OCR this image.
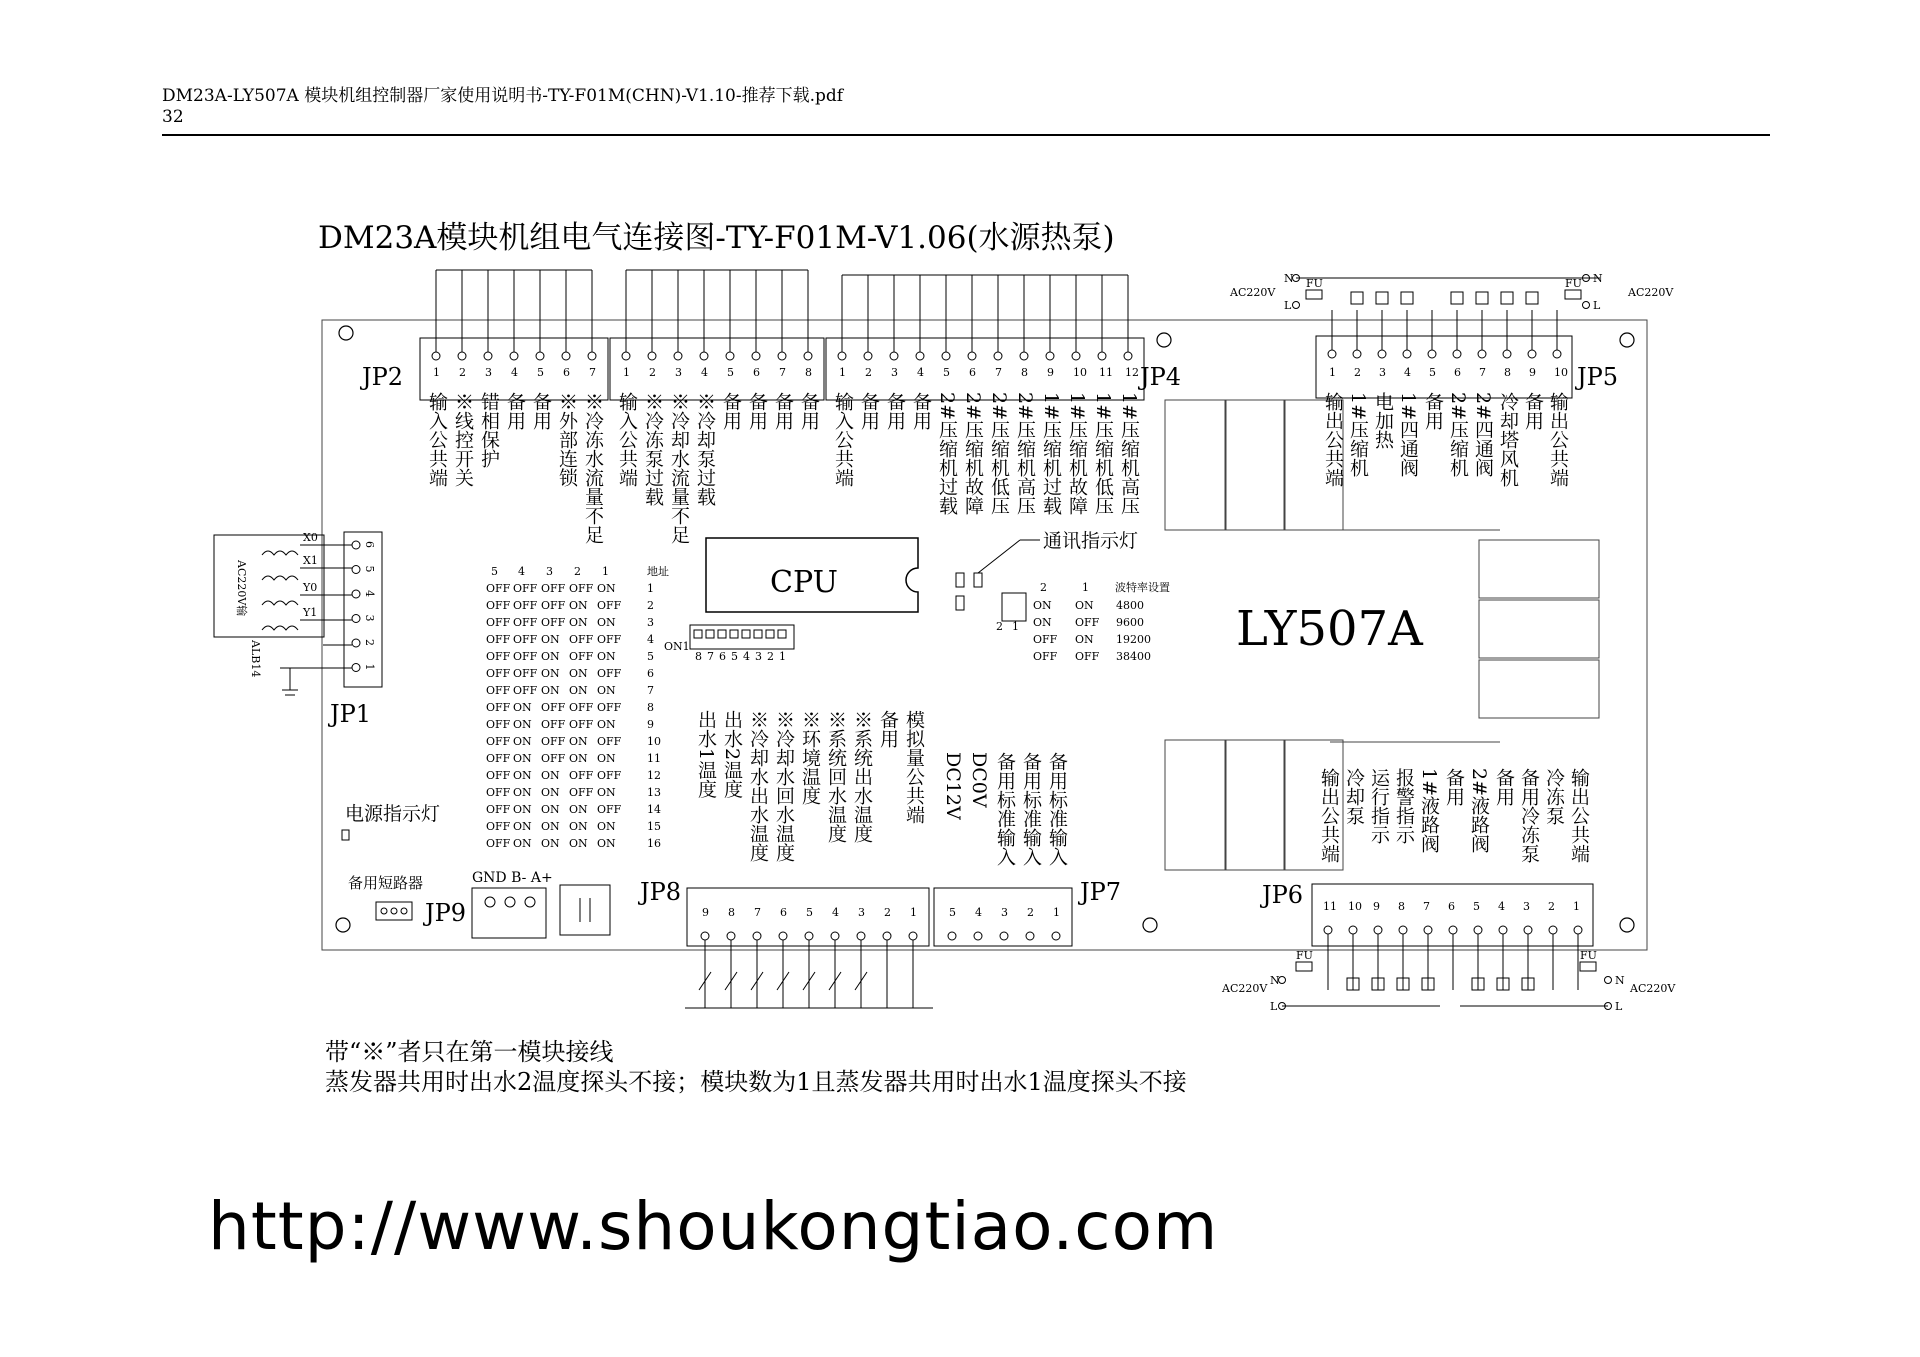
DM23A-LY507A 模块机组控制器厂家使用说明书-TY-F01M(CHN)-V1.10-推荐下载.pdf
32
DM23A模块机组电气连接图-TY-F01M-V1.06(水源热泵)
LY507A
CPU
通讯指示灯
电源指示灯
备用短路器
JP9
GND B- A+
X0
X1
Y0
Y1
AC220V输
ALB14
JP1
6
5
4
3
2
1
1
输入公共端
2
※线控开关
3
错相保护
4
备用
5
备用
6
※外部连锁
7
※冷冻水流量不足
1
输入公共端
2
※冷冻泵过载
3
※冷却水流量不足
4
※冷却泵过载
5
备用
6
备用
7
备用
8
备用
1
输入公共端
2
备用
3
备用
4
备用
5
2#压缩机过载
6
2#压缩机故障
7
2#压缩机低压
8
2#压缩机高压
9
1#压缩机过载
10
1#压缩机故障
11
1#压缩机低压
12
1#压缩机高压
1
输出公共端
2
1#压缩机
3
电加热
4
1#四通阀
5
备用
6
2#压缩机
7
2#四通阀
8
冷却塔风机
9
备用
10
输出公共端
11
输出公共端
10
冷却泵
9
运行指示
8
报警指示
7
1#液路阀
6
备用
5
2#液路阀
4
备用
3
备用冷冻泵
2
冷冻泵
1
输出公共端
5
DC12V
4
DC0V
3
备用标准输入
2
备用标准输入
1
备用标准输入
9
出水1温度
8
出水2温度
7
※冷却水出水温度
6
※冷却水回水温度
5
※环境温度
4
※系统回水温度
3
※系统出水温度
2
备用
1
模拟量公共端
5 4 3 2 1	地址
OFF OFF OFF OFF ON	1
OFF OFF OFF ON OFF 2
OFF OFF OFF ON ON	3
OFF OFF ON OFF OFF 4
OFF OFF ON OFF ON	5
OFF OFF ON ON OFF 6
OFF OFF ON ON ON	7
OFF ON OFF OFF OFF 8
OFF ON OFF OFF ON	9
OFF ON OFF ON OFF 10
OFF ON OFF ON ON	11
OFF ON ON OFF OFF 12
OFF ON ON OFF ON	13
OFF ON ON ON OFF 14
OFF ON ON ON ON	15
OFF ON ON ON ON	16
8 7 6 5 4 3 2 1
ON1
2	1 波特率设置
ON ON 4800
ON OFF 9600
OFF ON 19200
OFF OFF 38400
2 1
AC220V
N
L
FU
AC220V
N
L
FU
AC220V
N
L
FU
AC220V
N
L
FU
JP2	JP4	JP5
JP6
JP7
JP8
带“※”者只在第一模块接线
蒸发器共用时出水2温度探头不接；模块数为1且蒸发器共用时出水1温度探头不接
http://www.shoukongtiao.com
